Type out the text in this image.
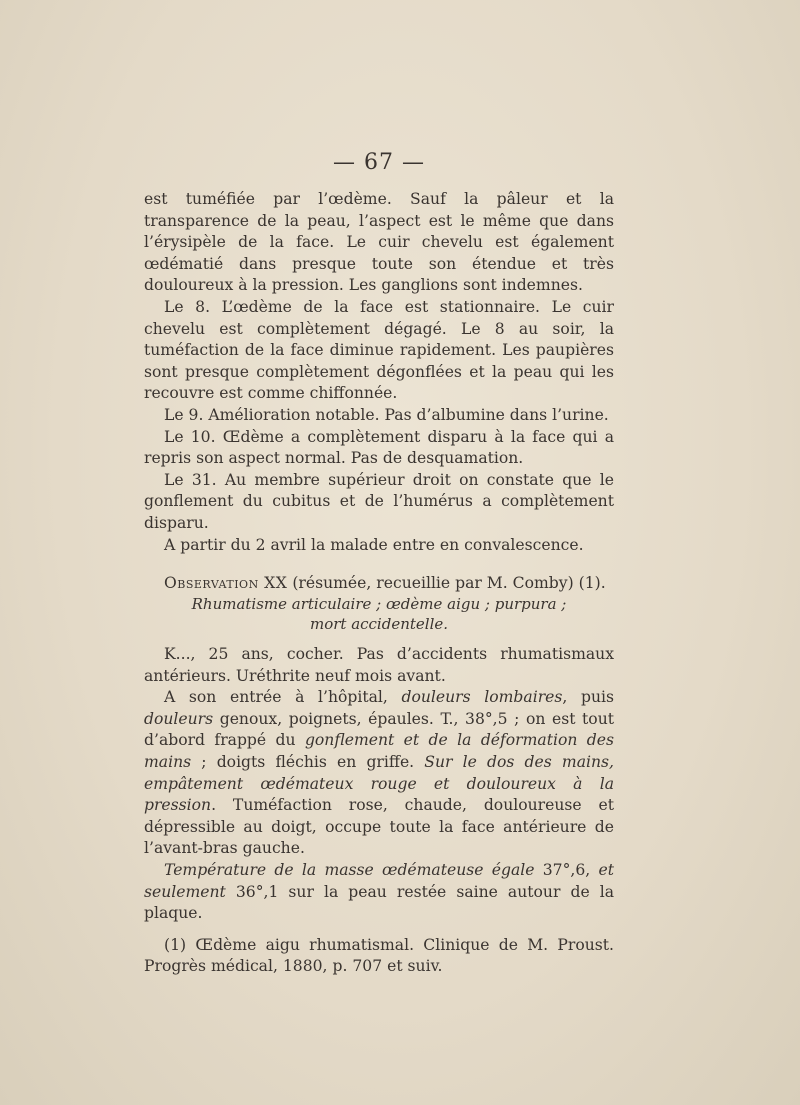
— 67 —

est tuméfiée par l’œdème. Sauf la pâleur et la transparence de la peau, l’aspect est le même que dans l’érysipèle de la face. Le cuir chevelu est également œdématié dans presque toute son étendue et très douloureux à la pression. Les ganglions sont indemnes.

Le 8. L’œdème de la face est stationnaire. Le cuir chevelu est complètement dégagé. Le 8 au soir, la tuméfaction de la face diminue rapidement. Les paupières sont presque complètement dégonflées et la peau qui les recouvre est comme chiffonnée.

Le 9. Amélioration notable. Pas d’albumine dans l’urine.

Le 10. Œdème a complètement disparu à la face qui a repris son aspect normal. Pas de desquamation.

Le 31. Au membre supérieur droit on constate que le gonflement du cubitus et de l’humérus a complètement disparu.

A partir du 2 avril la malade entre en convalescence.

Observation XX (résumée, recueillie par M. Comby) (1).

Rhumatisme articulaire ; œdème aigu ; purpura ;

mort accidentelle.

K..., 25 ans, cocher. Pas d’accidents rhumatismaux antérieurs. Uréthrite neuf mois avant.

A son entrée à l’hôpital, douleurs lombaires, puis douleurs genoux, poignets, épaules. T., 38°,5 ; on est tout d’abord frappé du gonflement et de la déformation des mains ; doigts fléchis en griffe. Sur le dos des mains, empâtement œdémateux rouge et douloureux à la pression. Tuméfaction rose, chaude, douloureuse et dépressible au doigt, occupe toute la face antérieure de l’avant-bras gauche.

Température de la masse œdémateuse égale 37°,6, et seulement 36°,1 sur la peau restée saine autour de la plaque.

(1) Œdème aigu rhumatismal. Clinique de M. Proust. Progrès médical, 1880, p. 707 et suiv.
